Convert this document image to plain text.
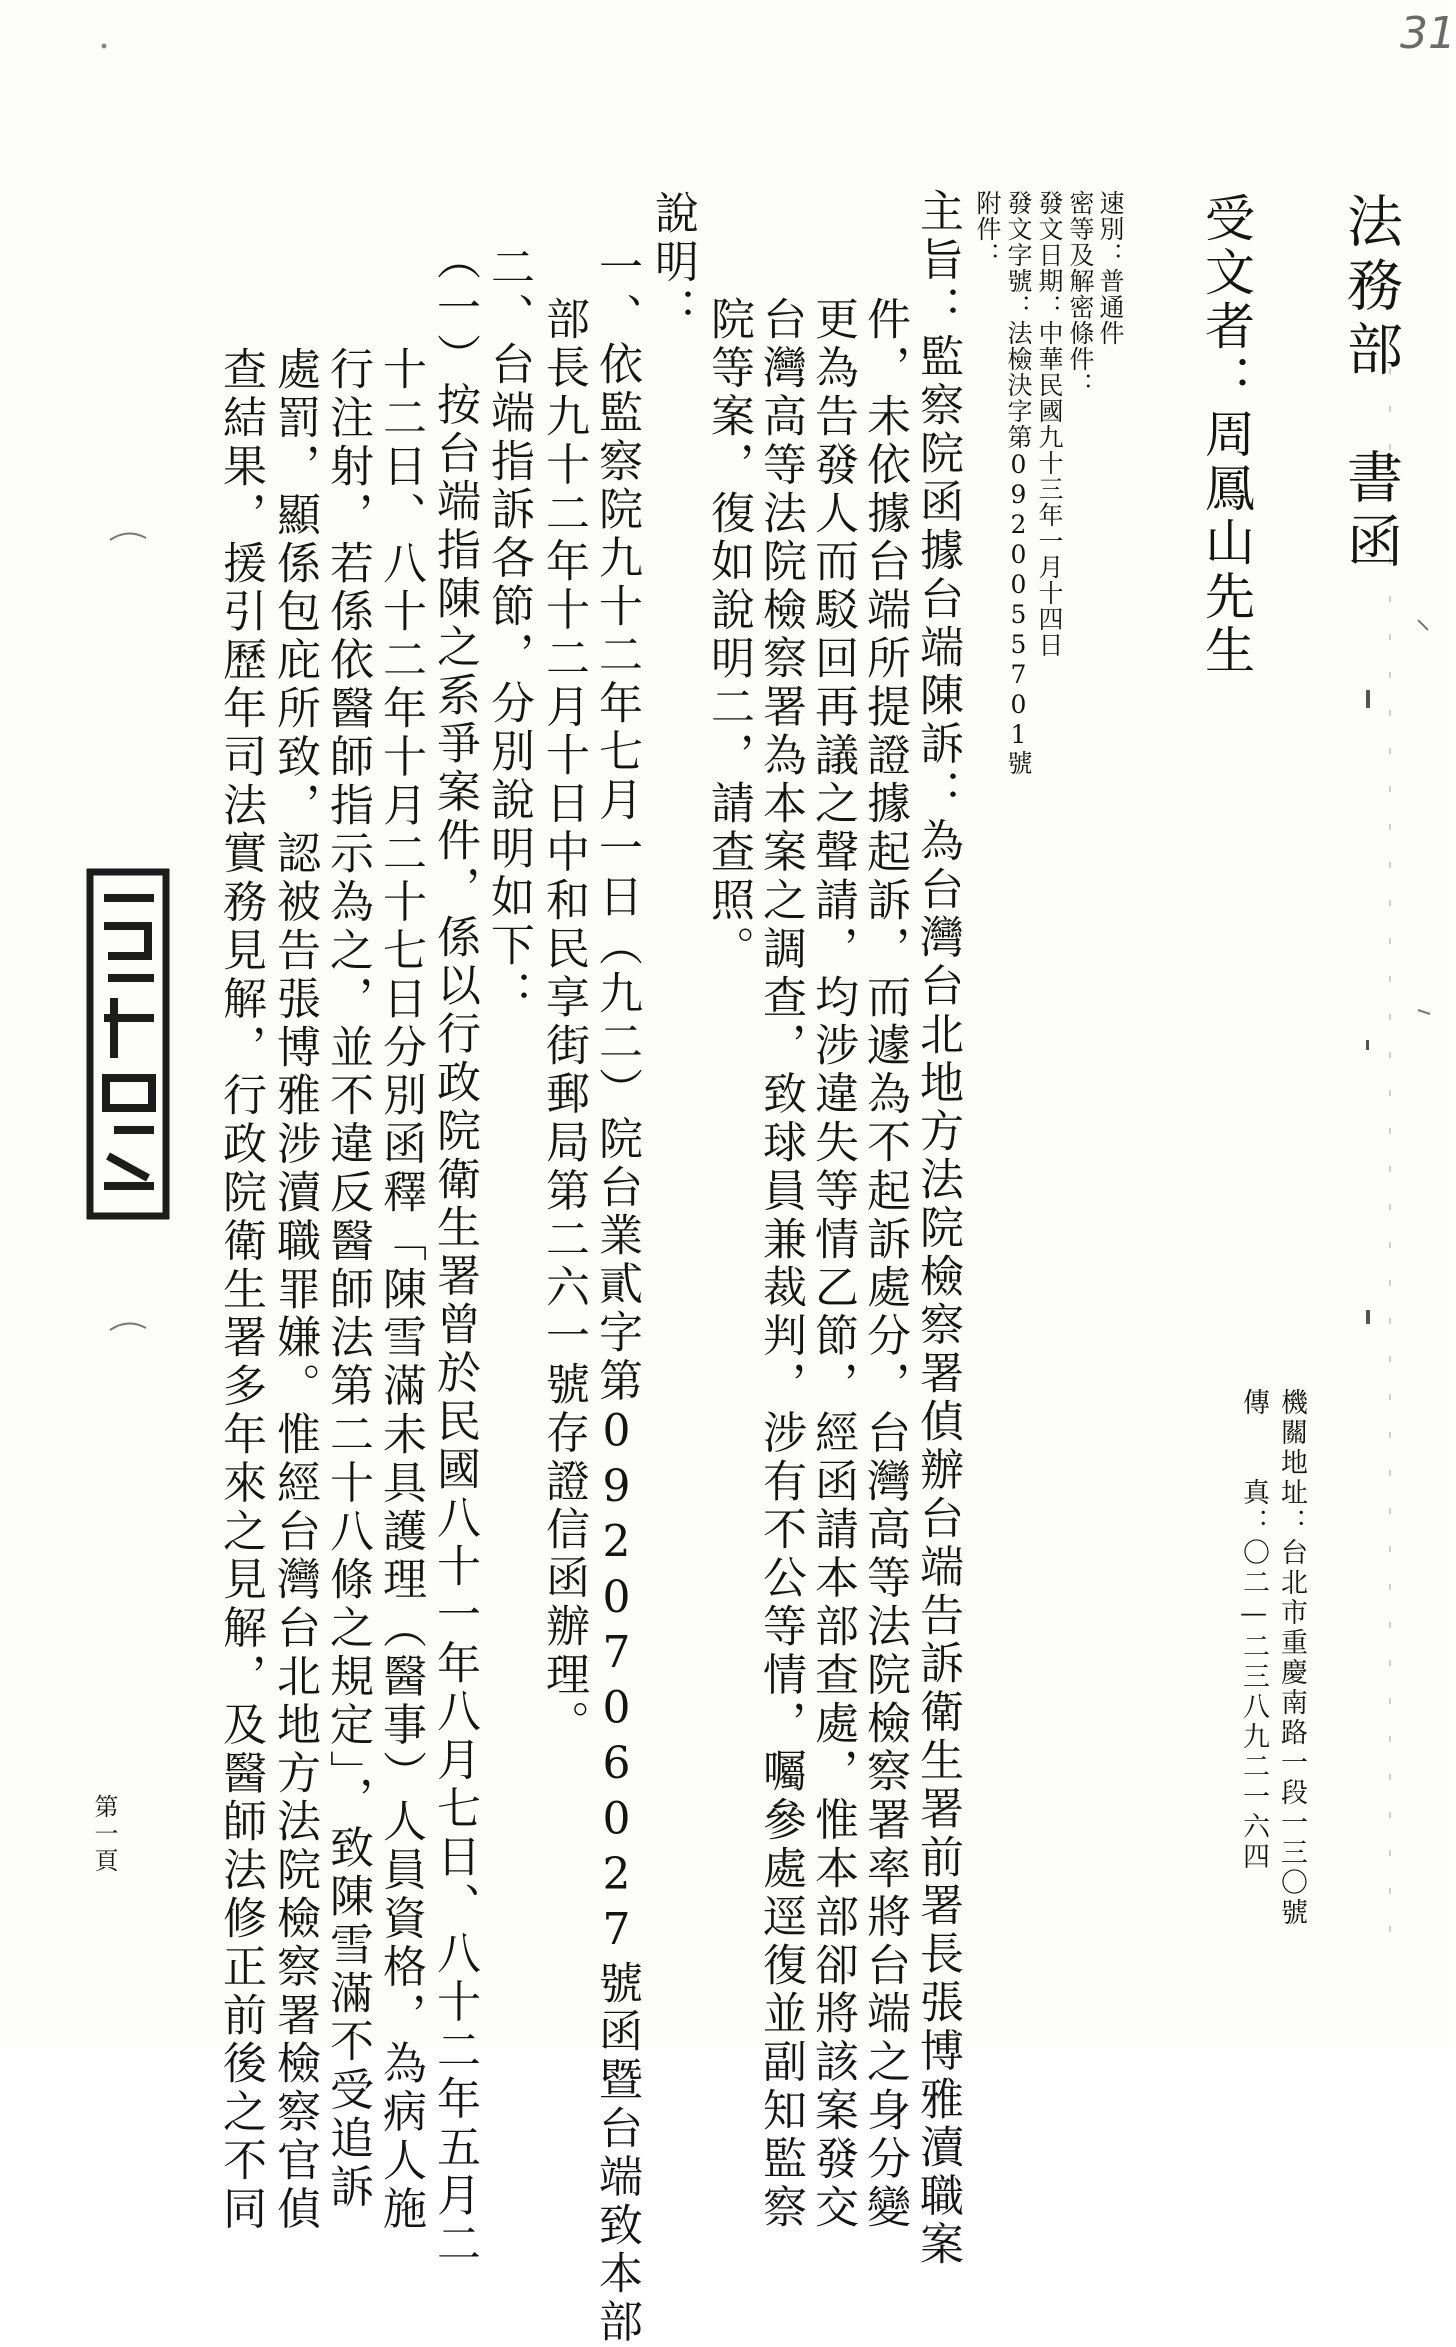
31
法務部　書函
受文者：周鳳山先生
速別：普通件
密等及解密條件：
發文日期：中華民國九十三年一月十四日
發文字號：法檢決字第0920055701號
附件：
主旨：監察院函據台端陳訴：為台灣台北地方法院檢察署偵辦台端告訴衛生署前署長張博雅瀆職案
件，未依據台端所提證據起訴，而遽為不起訴處分，台灣高等法院檢察署率將台端之身分變
更為告發人而駁回再議之聲請，均涉違失等情乙節，經函請本部查處，惟本部卻將該案發交
台灣高等法院檢察署為本案之調查，致球員兼裁判，涉有不公等情，囑參處逕復並副知監察
院等案，復如說明二，請查照。
說明：
一、依監察院九十二年七月一日（九二）院台業貳字第0920706027號函暨台端致本部
部長九十二年十二月十日中和民享街郵局第二六一號存證信函辦理。
二、台端指訴各節，分別說明如下：
（一）按台端指陳之系爭案件，係以行政院衛生署曾於民國八十一年八月七日、八十二年五月二
十二日、八十二年十月二十七日分別函釋「陳雪滿未具護理（醫事）人員資格，為病人施
行注射，若係依醫師指示為之，並不違反醫師法第二十八條之規定」，致陳雪滿不受追訴
處罰，顯係包庇所致，認被告張博雅涉瀆職罪嫌。惟經台灣台北地方法院檢察署檢察官偵
查結果，援引歷年司法實務見解，行政院衛生署多年來之見解，及醫師法修正前後之不同	機關地址：台北市重慶南路一段一三〇號
傳　　真：〇二—二三八九二一六四
第一頁
